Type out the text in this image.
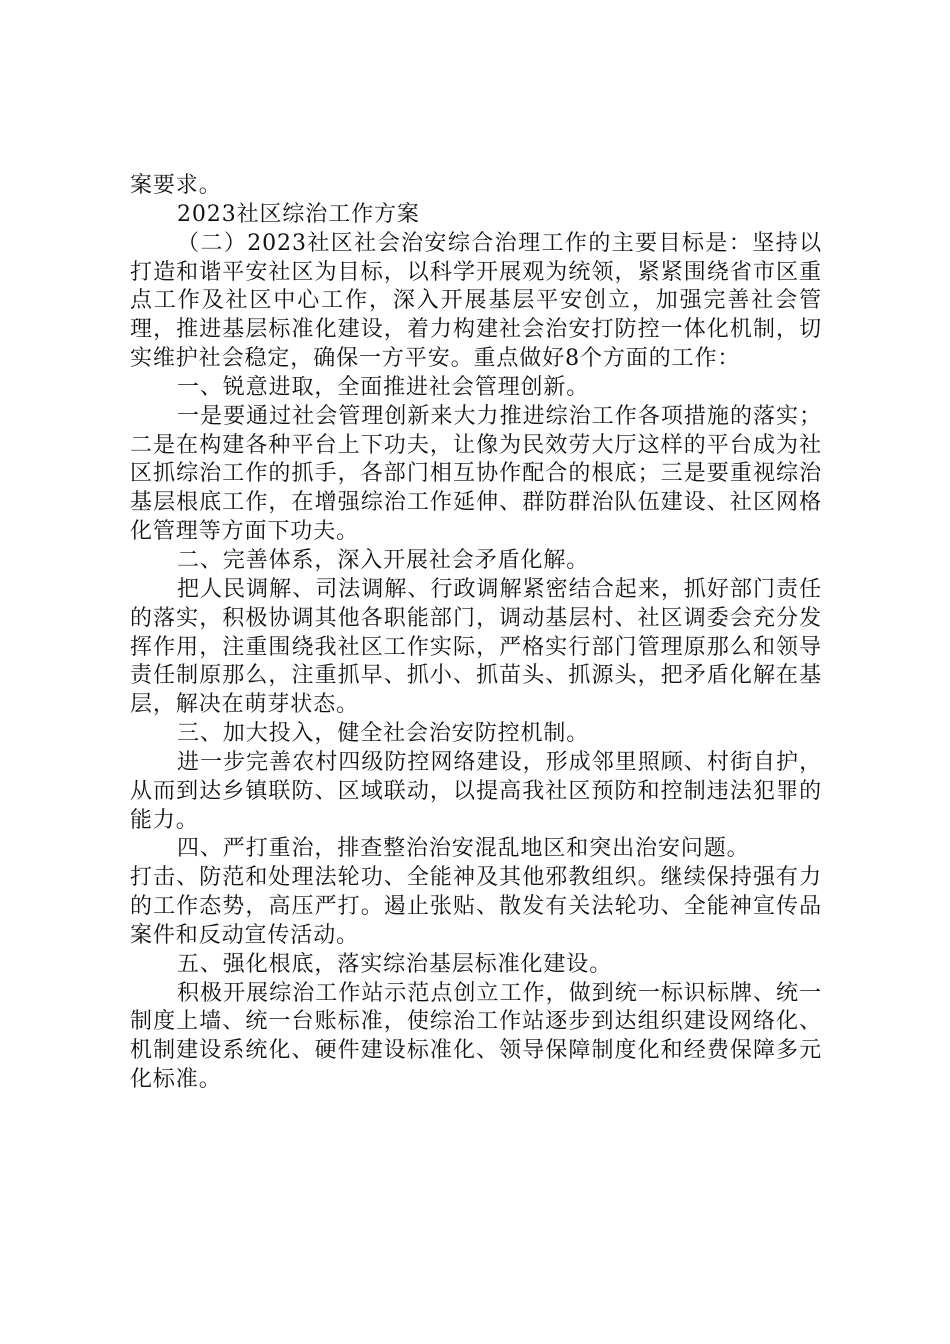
案要求。

2023社区综治工作方案

（二）2023社区社会治安综合治理工作的主要目标是：坚持以打造和谐平安社区为目标，以科学开展观为统领，紧紧围绕省市区重点工作及社区中心工作，深入开展基层平安创立，加强完善社会管理，推进基层标准化建设，着力构建社会治安打防控一体化机制，切实维护社会稳定，确保一方平安。重点做好8个方面的工作：

一、锐意进取，全面推进社会管理创新。

一是要通过社会管理创新来大力推进综治工作各项措施的落实；二是在构建各种平台上下功夫，让像为民效劳大厅这样的平台成为社区抓综治工作的抓手，各部门相互协作配合的根底；三是要重视综治基层根底工作，在增强综治工作延伸、群防群治队伍建设、社区网格化管理等方面下功夫。

二、完善体系，深入开展社会矛盾化解。

把人民调解、司法调解、行政调解紧密结合起来，抓好部门责任的落实，积极协调其他各职能部门，调动基层村、社区调委会充分发挥作用，注重围绕我社区工作实际，严格实行部门管理原那么和领导责任制原那么，注重抓早、抓小、抓苗头、抓源头，把矛盾化解在基层，解决在萌芽状态。

三、加大投入，健全社会治安防控机制。

进一步完善农村四级防控网络建设，形成邻里照顾、村街自护，从而到达乡镇联防、区域联动，以提高我社区预防和控制违法犯罪的能力。

四、严打重治，排查整治治安混乱地区和突出治安问题。

打击、防范和处理法轮功、全能神及其他邪教组织。继续保持强有力的工作态势，高压严打。遏止张贴、散发有关法轮功、全能神宣传品案件和反动宣传活动。

五、强化根底，落实综治基层标准化建设。

积极开展综治工作站示范点创立工作，做到统一标识标牌、统一制度上墙、统一台账标准，使综治工作站逐步到达组织建设网络化、机制建设系统化、硬件建设标准化、领导保障制度化和经费保障多元化标准。
